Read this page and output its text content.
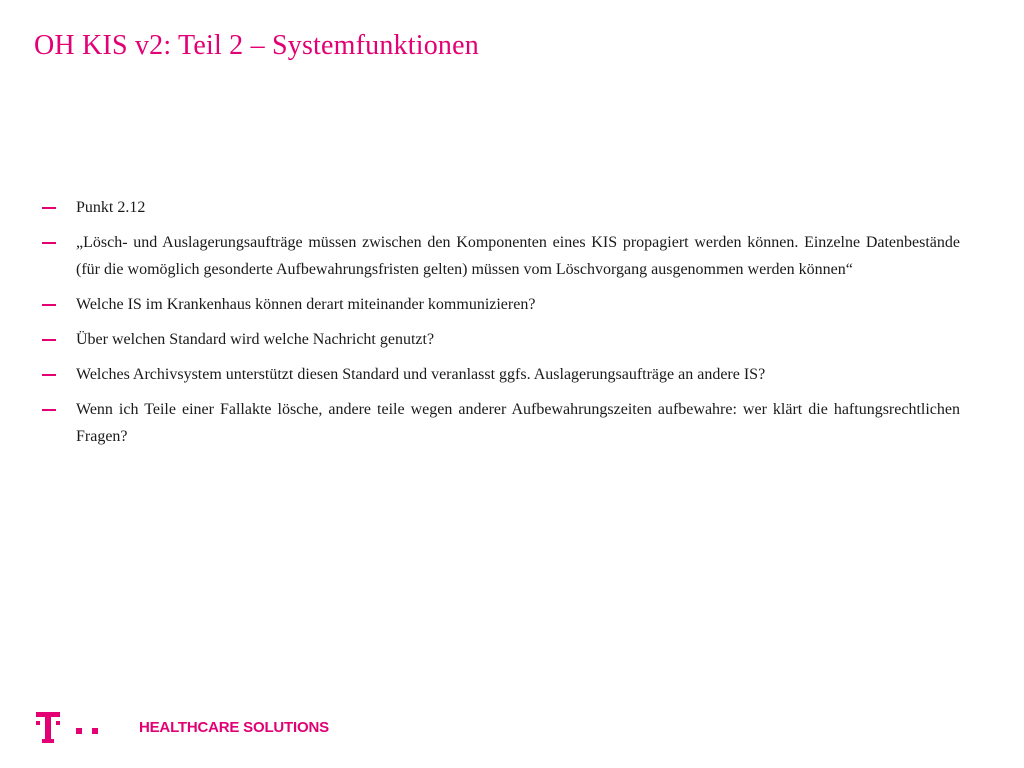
OH KIS v2: Teil 2 – Systemfunktionen
Punkt 2.12
„Lösch- und Auslagerungsaufträge müssen zwischen den Komponenten eines KIS propagiert werden können. Einzelne Datenbestände (für die womöglich gesonderte Aufbewahrungsfristen gelten) müssen vom Löschvorgang ausgenommen werden können“
Welche IS im Krankenhaus können derart miteinander kommunizieren?
Über welchen Standard wird welche Nachricht genutzt?
Welches Archivsystem unterstützt diesen Standard und veranlasst ggfs. Auslagerungsaufträge an andere IS?
Wenn ich Teile einer Fallakte lösche, andere teile wegen anderer Aufbewahrungszeiten aufbewahre: wer klärt die haftungsrechtlichen Fragen?
HEALTHCARE SOLUTIONS
